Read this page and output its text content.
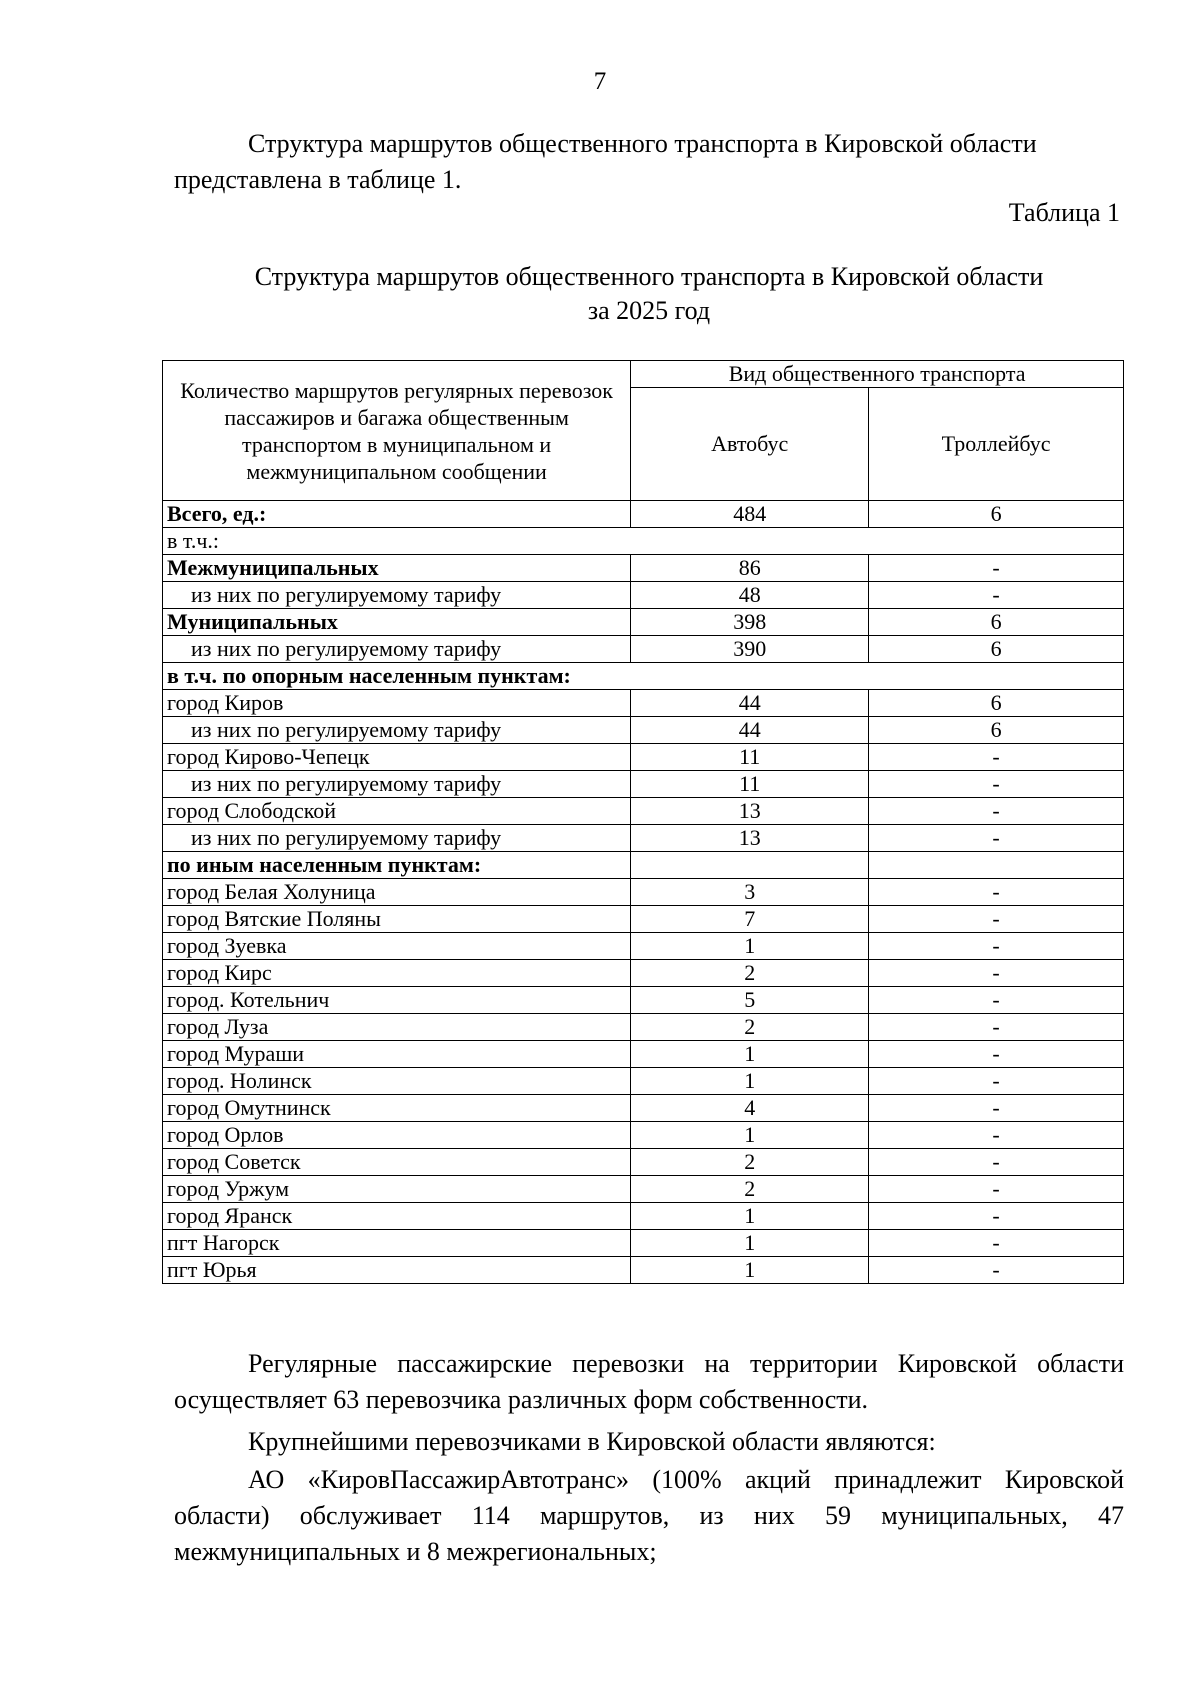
7

Структура маршрутов общественного транспорта в Кировской области представлена в таблице 1.

Таблица 1
Структура маршрутов общественного транспорта в Кировской области
за 2025 год
Количество маршрутов регулярных перевозок пассажиров и багажа общественным транспортом в муниципальном и межмуниципальном сообщении	Вид общественного транспорта	
	Автобус	Троллейбус
Всего, ед.:	484	6
в т.ч.:		
Межмуниципальных	86	-
из них по регулируемому тарифу	48	-
Муниципальных	398	6
из них по регулируемому тарифу	390	6
в т.ч. по опорным населенным пунктам:		
город Киров	44	6
из них по регулируемому тарифу	44	6
город Кирово-Чепецк	11	-
из них по регулируемому тарифу	11	-
город Слободской	13	-
из них по регулируемому тарифу	13	-
по иным населенным пунктам:		
город Белая Холуница	3	-
город Вятские Поляны	7	-
город Зуевка	1	-
город Кирс	2	-
город. Котельнич	5	-
город Луза	2	-
город Мураши	1	-
город. Нолинск	1	-
город Омутнинск	4	-
город Орлов	1	-
город Советск	2	-
город Уржум	2	-
город Яранск	1	-
пгт Нагорск	1	-
пгт Юрья	1	-

Регулярные пассажирские перевозки на территории Кировской области осуществляет 63 перевозчика различных форм собственности.

Крупнейшими перевозчиками в Кировской области являются:

АО «КировПассажирАвтотранс» (100% акций принадлежит Кировской области) обслуживает 114 маршрутов, из них 59 муниципальных, 47 межмуниципальных и 8 межрегиональных;
